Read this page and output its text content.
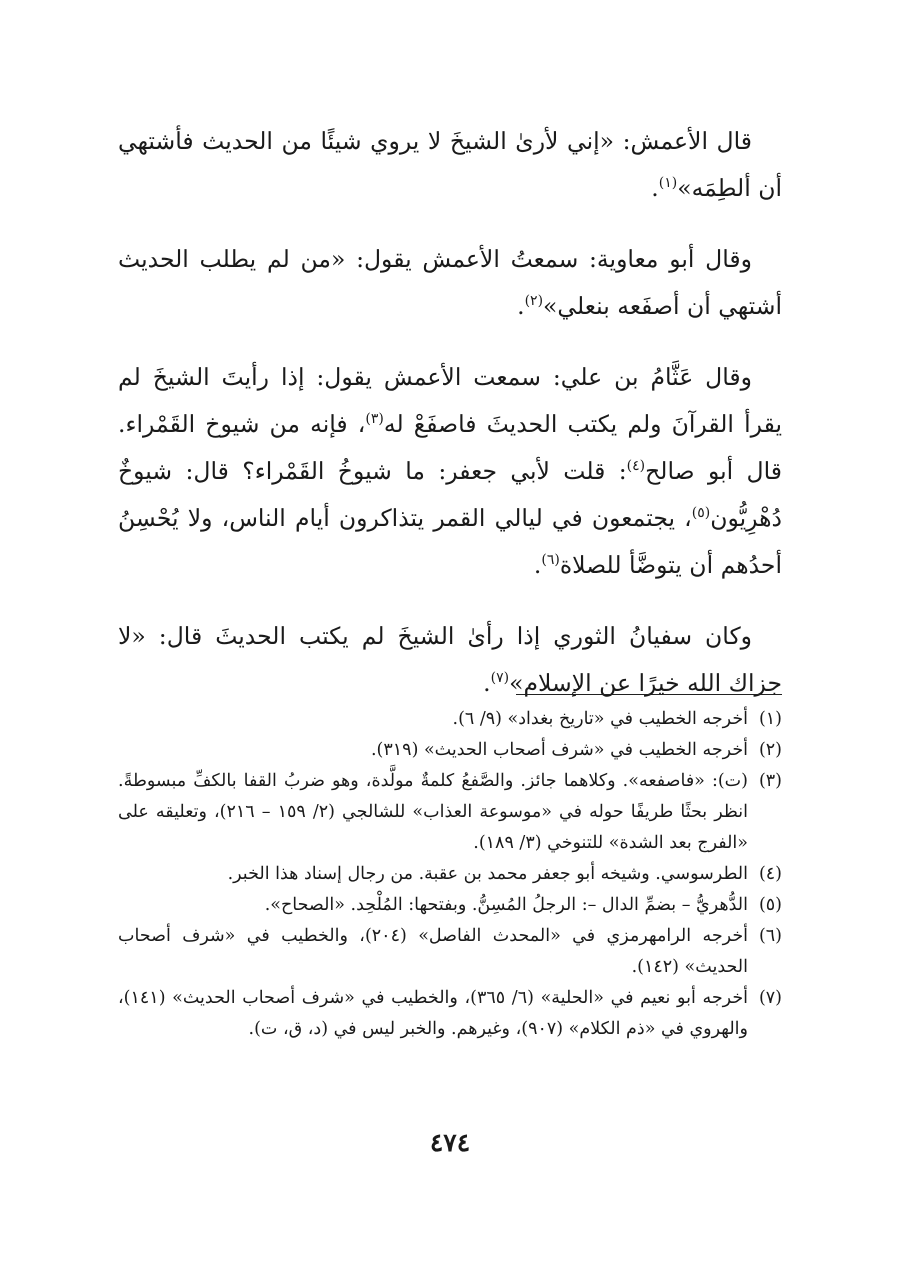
قال الأعمش: «إني لأرىٰ الشيخَ لا يروي شيئًا من الحديث فأشتهي أن ألطِمَه»$^{(١)}$.

وقال أبو معاوية: سمعتُ الأعمش يقول: «من لم يطلب الحديث أشتهي أن أصفَعه بنعلي»$^{(٢)}$.

وقال عَثَّامُ بن علي: سمعت الأعمش يقول: إذا رأيتَ الشيخَ لم يقرأ القرآنَ ولم يكتب الحديثَ فاصفَعْ له$^{(٣)}$، فإنه من شيوخ القَمْراء. قال أبو صالح$^{(٤)}$: قلت لأبي جعفر: ما شيوخُ القَمْراء؟ قال: شيوخٌ دُهْرِيُّون$^{(٥)}$، يجتمعون في ليالي القمر يتذاكرون أيام الناس، ولا يُحْسِنُ أحدُهم أن يتوضَّأ للصلاة$^{(٦)}$.

وكان سفيانُ الثوري إذا رأىٰ الشيخَ لم يكتب الحديثَ قال: «لا جزاك الله خيرًا عن الإسلام»$^{(٧)}$.

(١)
أخرجه الخطيب في «تاريخ بغداد» (٩/ ٦).
(٢)
أخرجه الخطيب في «شرف أصحاب الحديث» (٣١٩).
(٣)
(ت): «فاصفعه». وكلاهما جائز. والصَّفعُ كلمةٌ مولَّدة، وهو ضربُ القفا بالكفِّ مبسوطةً. انظر بحثًا طريفًا حوله في «موسوعة العذاب» للشالجي (٢/ ١٥٩ – ٢١٦)، وتعليقه على «الفرج بعد الشدة» للتنوخي (٣/ ١٨٩).
(٤)
الطرسوسي. وشيخه أبو جعفر محمد بن عقبة. من رجال إسناد هذا الخبر.
(٥)
الدُّهريُّ – بضمِّ الدال –: الرجلُ المُسِنُّ. وبفتحها: المُلْحِد. «الصحاح».
(٦)
أخرجه الرامهرمزي في «المحدث الفاصل» (٢٠٤)، والخطيب في «شرف أصحاب الحديث» (١٤٢).
(٧)
أخرجه أبو نعيم في «الحلية» (٦/ ٣٦٥)، والخطيب في «شرف أصحاب الحديث» (١٤١)، والهروي في «ذم الكلام» (٩٠٧)، وغيرهم. والخبر ليس في (د، ق، ت).
٤٧٤
